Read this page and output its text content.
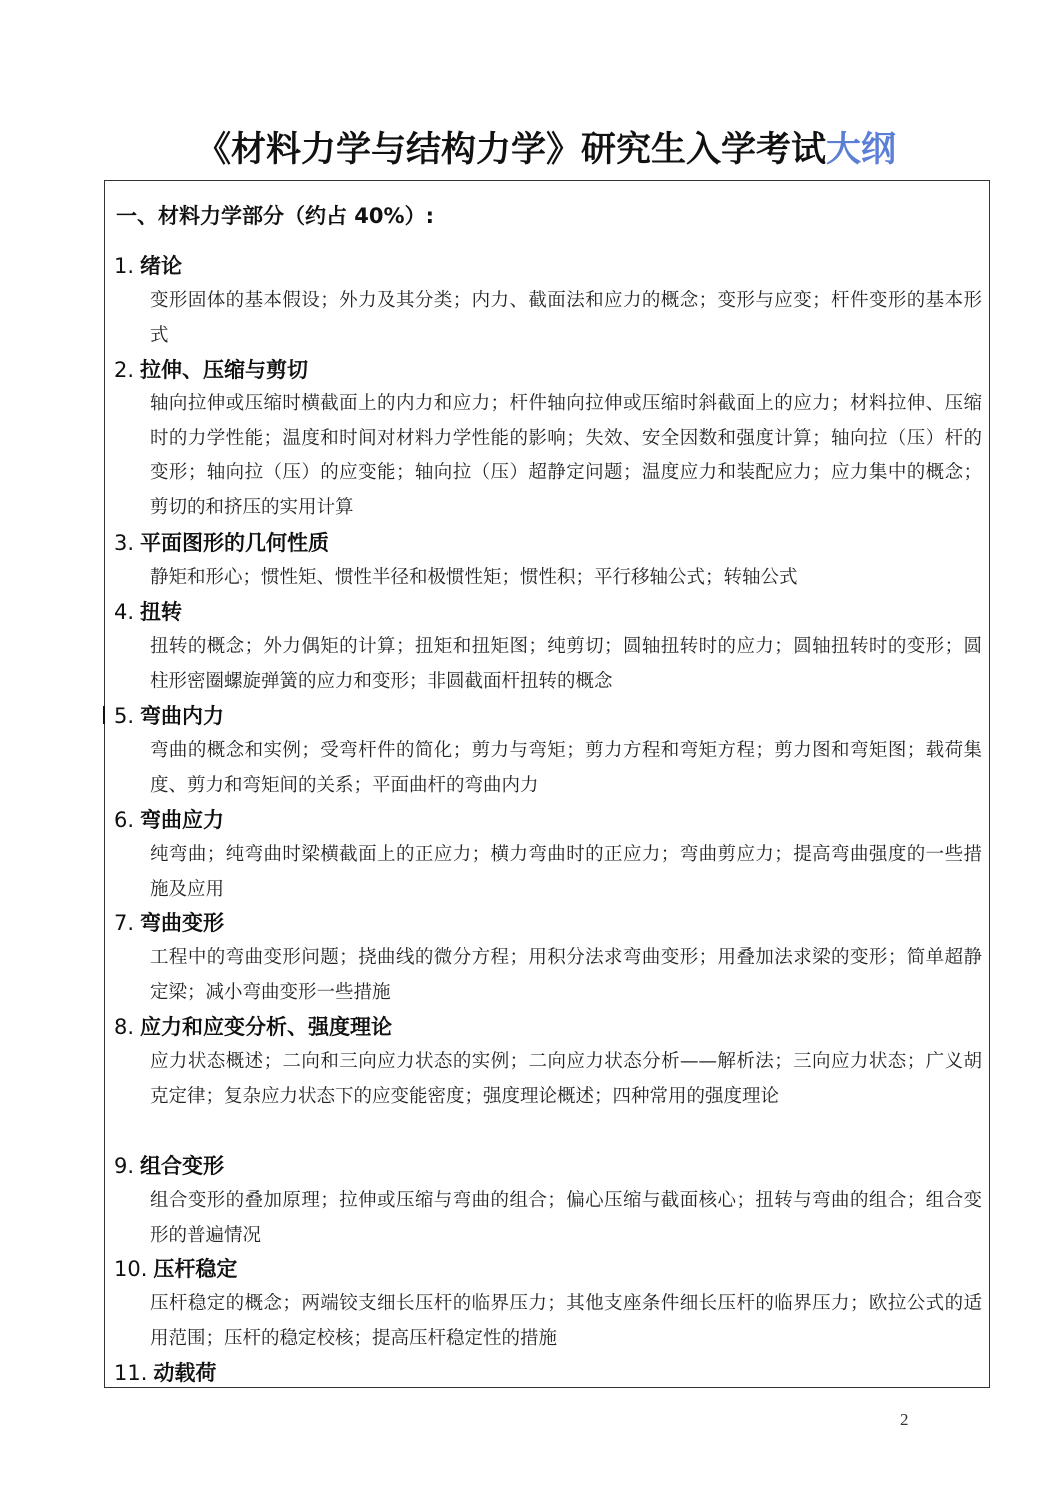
《材料力学与结构力学》研究生入学考试大纲
一、材料力学部分（约占 40%）:
1. 绪论
变形固体的基本假设；外力及其分类；内力、截面法和应力的概念；变形与应变；杆件变形的基本形式
2. 拉伸、压缩与剪切
轴向拉伸或压缩时横截面上的内力和应力；杆件轴向拉伸或压缩时斜截面上的应力；材料拉伸、压缩时的力学性能；温度和时间对材料力学性能的影响；失效、安全因数和强度计算；轴向拉（压）杆的变形；轴向拉（压）的应变能；轴向拉（压）超静定问题；温度应力和装配应力；应力集中的概念；剪切的和挤压的实用计算
3. 平面图形的几何性质
静矩和形心；惯性矩、惯性半径和极惯性矩；惯性积；平行移轴公式；转轴公式
4. 扭转
扭转的概念；外力偶矩的计算；扭矩和扭矩图；纯剪切；圆轴扭转时的应力；圆轴扭转时的变形；圆柱形密圈螺旋弹簧的应力和变形；非圆截面杆扭转的概念
5. 弯曲内力
弯曲的概念和实例；受弯杆件的简化；剪力与弯矩；剪力方程和弯矩方程；剪力图和弯矩图；载荷集度、剪力和弯矩间的关系；平面曲杆的弯曲内力
6. 弯曲应力
纯弯曲；纯弯曲时梁横截面上的正应力；横力弯曲时的正应力；弯曲剪应力；提高弯曲强度的一些措施及应用
7. 弯曲变形
工程中的弯曲变形问题；挠曲线的微分方程；用积分法求弯曲变形；用叠加法求梁的变形；简单超静定梁；减小弯曲变形一些措施
8. 应力和应变分析、强度理论
应力状态概述；二向和三向应力状态的实例；二向应力状态分析——解析法；三向应力状态；广义胡克定律；复杂应力状态下的应变能密度；强度理论概述；四种常用的强度理论
9. 组合变形
组合变形的叠加原理；拉伸或压缩与弯曲的组合；偏心压缩与截面核心；扭转与弯曲的组合；组合变形的普遍情况
10. 压杆稳定
压杆稳定的概念；两端铰支细长压杆的临界压力；其他支座条件细长压杆的临界压力；欧拉公式的适用范围；压杆的稳定校核；提高压杆稳定性的措施
11. 动载荷
2
